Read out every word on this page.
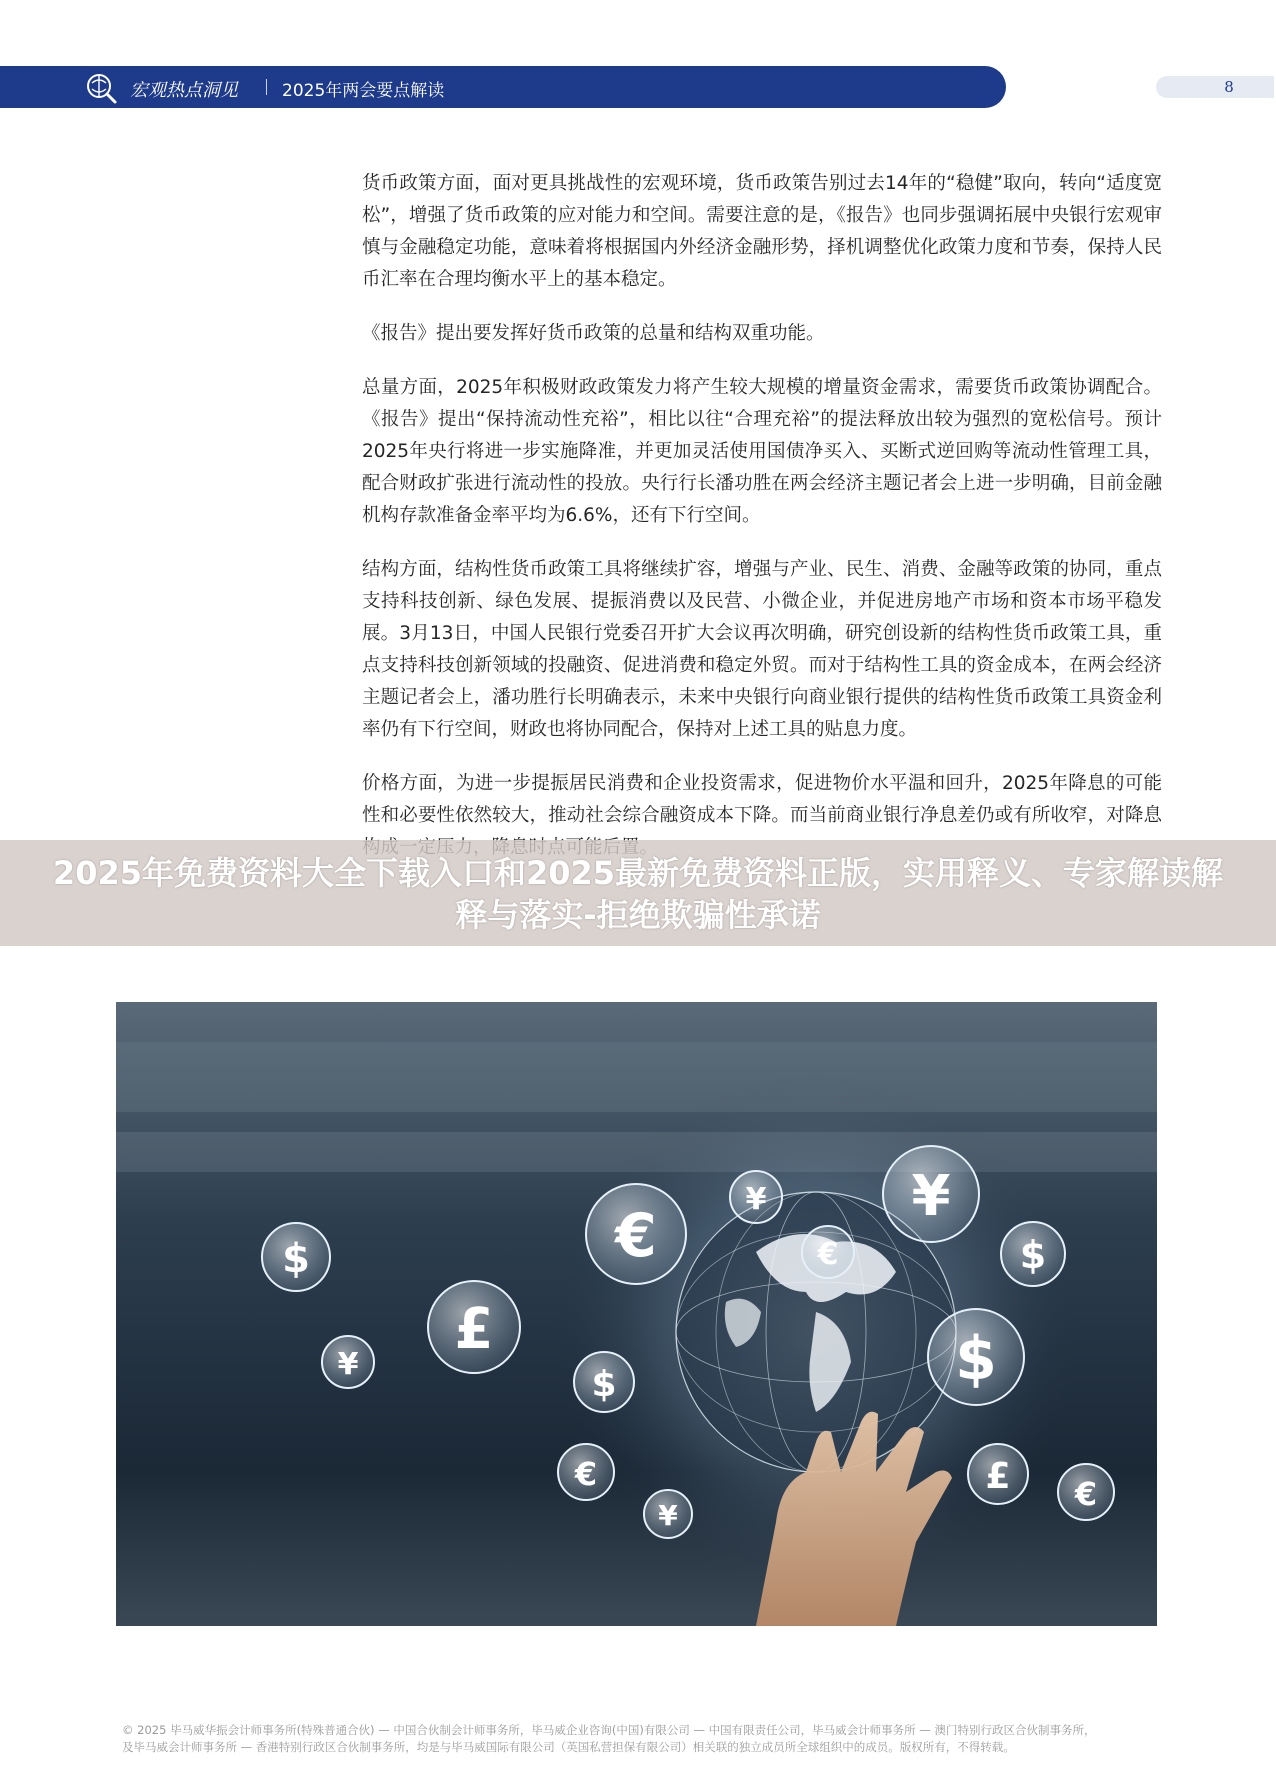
宏观热点洞见	2025年两会要点解读	8

货币政策方面，面对更具挑战性的宏观环境，货币政策告别过去14年的“稳健”取向，转向“适度宽松”，增强了货币政策的应对能力和空间。需要注意的是，《报告》也同步强调拓展中央银行宏观审慎与金融稳定功能，意味着将根据国内外经济金融形势，择机调整优化政策力度和节奏，保持人民币汇率在合理均衡水平上的基本稳定。

《报告》提出要发挥好货币政策的总量和结构双重功能。

总量方面，2025年积极财政政策发力将产生较大规模的增量资金需求，需要货币政策协调配合。《报告》提出“保持流动性充裕”，相比以往“合理充裕”的提法释放出较为强烈的宽松信号。预计2025年央行将进一步实施降准，并更加灵活使用国债净买入、买断式逆回购等流动性管理工具，配合财政扩张进行流动性的投放。央行行长潘功胜在两会经济主题记者会上进一步明确，目前金融机构存款准备金率平均为6.6%，还有下行空间。

结构方面，结构性货币政策工具将继续扩容，增强与产业、民生、消费、金融等政策的协同，重点支持科技创新、绿色发展、提振消费以及民营、小微企业，并促进房地产市场和资本市场平稳发展。3月13日，中国人民银行党委召开扩大会议再次明确，研究创设新的结构性货币政策工具，重点支持科技创新领域的投融资、促进消费和稳定外贸。而对于结构性工具的资金成本，在两会经济主题记者会上，潘功胜行长明确表示，未来中央银行向商业银行提供的结构性货币政策工具资金利率仍有下行空间，财政也将协同配合，保持对上述工具的贴息力度。

价格方面，为进一步提振居民消费和企业投资需求，促进物价水平温和回升，2025年降息的可能性和必要性依然较大，推动社会综合融资成本下降。而当前商业银行净息差仍或有所收窄，对降息

2025年免费资料大全下载入口和2025最新免费资料正版，实用释义、专家解读解释与落实-拒绝欺骗性承诺
$
¥
£
€
$
€
¥
¥
€
¥
$
$
£ €
© 2025 毕马威华振会计师事务所(特殊普通合伙) — 中国合伙制会计师事务所，毕马威企业咨询(中国)有限公司 — 中国有限责任公司，毕马威会计师事务所 — 澳门特别行政区合伙制事务所，
及毕马威会计师事务所 — 香港特别行政区合伙制事务所，均是与毕马威国际有限公司（英国私营担保有限公司）相关联的独立成员所全球组织中的成员。版权所有，不得转载。
